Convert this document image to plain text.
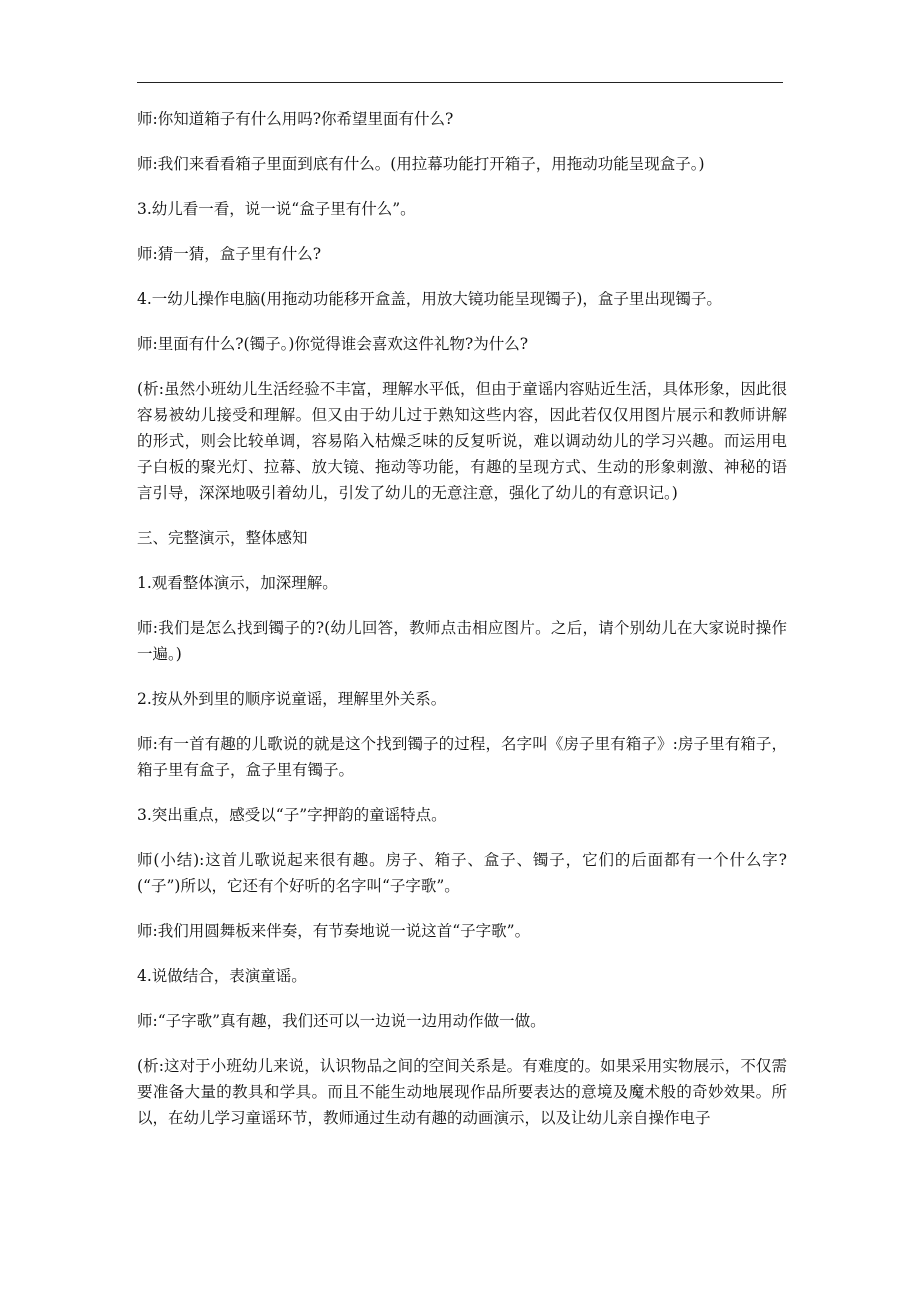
师:你知道箱子有什么用吗?你希望里面有什么?

师:我们来看看箱子里面到底有什么。(用拉幕功能打开箱子，用拖动功能呈现盒子。)

3.幼儿看一看，说一说“盒子里有什么”。

师:猜一猜，盒子里有什么?

4.一幼儿操作电脑(用拖动功能移开盒盖，用放大镜功能呈现镯子)，盒子里出现镯子。

师:里面有什么?(镯子。)你觉得谁会喜欢这件礼物?为什么?

(析:虽然小班幼儿生活经验不丰富，理解水平低，但由于童谣内容贴近生活，具体形象，因此很容易被幼儿接受和理解。但又由于幼儿过于熟知这些内容，因此若仅仅用图片展示和教师讲解的形式，则会比较单调，容易陷入枯燥乏味的反复听说，难以调动幼儿的学习兴趣。而运用电子白板的聚光灯、拉幕、放大镜、拖动等功能，有趣的呈现方式、生动的形象刺激、神秘的语言引导，深深地吸引着幼儿，引发了幼儿的无意注意，强化了幼儿的有意识记。)

三、完整演示，整体感知

1.观看整体演示，加深理解。

师:我们是怎么找到镯子的?(幼儿回答，教师点击相应图片。之后，请个别幼儿在大家说时操作一遍。)

2.按从外到里的顺序说童谣，理解里外关系。

师:有一首有趣的儿歌说的就是这个找到镯子的过程，名字叫《房子里有箱子》:房子里有箱子，箱子里有盒子，盒子里有镯子。

3.突出重点，感受以“子”字押韵的童谣特点。

师(小结):这首儿歌说起来很有趣。房子、箱子、盒子、镯子，它们的后面都有一个什么字?(“子”)所以，它还有个好听的名字叫“子字歌”。

师:我们用圆舞板来伴奏，有节奏地说一说这首“子字歌”。

4.说做结合，表演童谣。

师:“子字歌”真有趣，我们还可以一边说一边用动作做一做。

(析:这对于小班幼儿来说，认识物品之间的空间关系是。有难度的。如果采用实物展示，不仅需要准备大量的教具和学具。而且不能生动地展现作品所要表达的意境及魔术般的奇妙效果。所以，在幼儿学习童谣环节，教师通过生动有趣的动画演示，以及让幼儿亲自操作电子
